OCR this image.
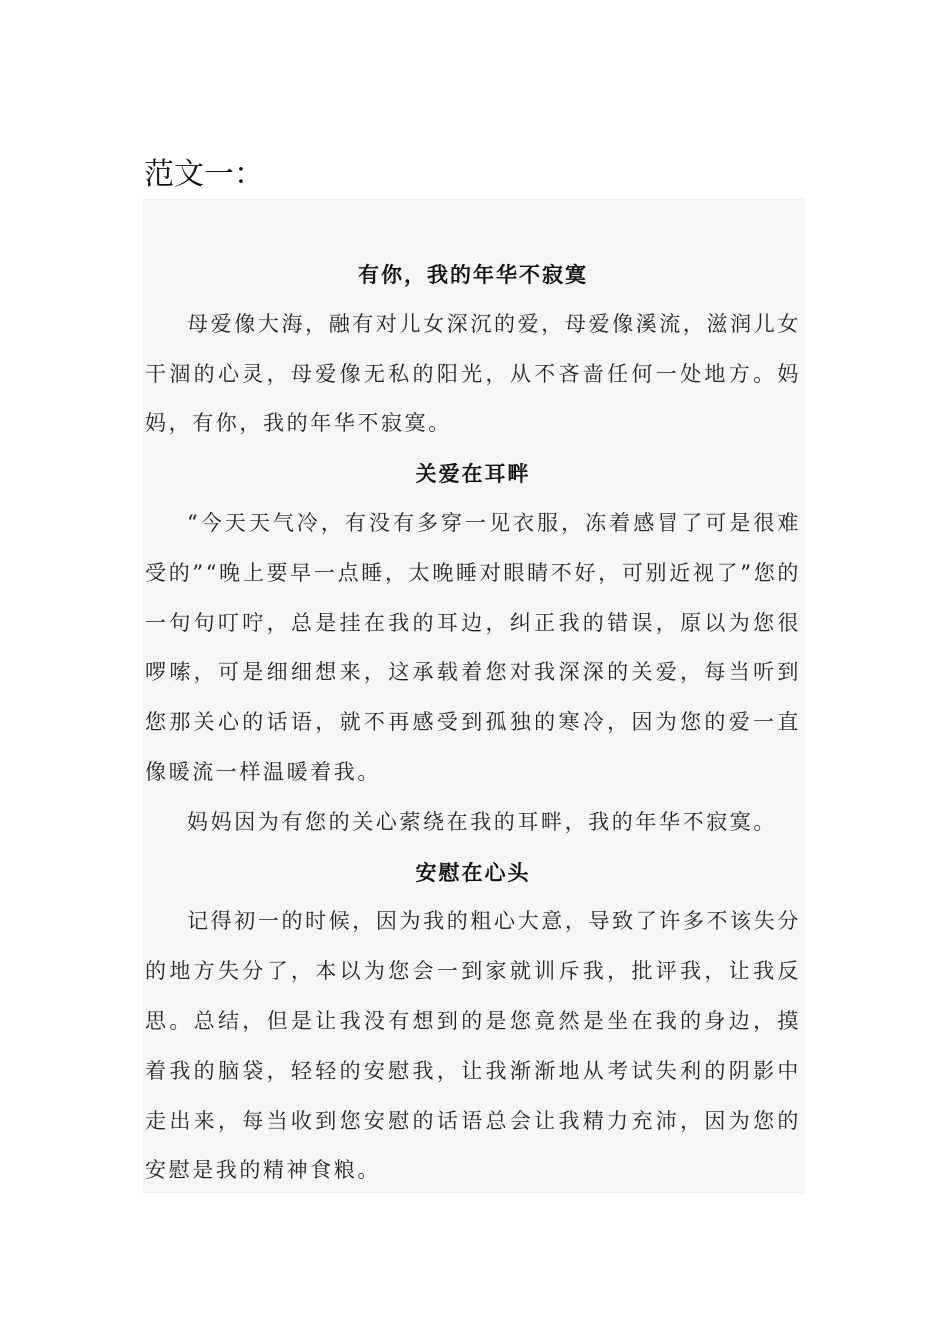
范文一：

有你，我的年华不寂寞

母爱像大海，融有对儿女深沉的爱，母爱像溪流，滋润儿女干涸的心灵，母爱像无私的阳光，从不吝啬任何一处地方。妈妈，有你，我的年华不寂寞。

关爱在耳畔

“今天天气冷，有没有多穿一见衣服，冻着感冒了可是很难受的”“晚上要早一点睡，太晚睡对眼睛不好，可别近视了”您的一句句叮咛，总是挂在我的耳边，纠正我的错误，原以为您很啰嗦，可是细细想来，这承载着您对我深深的关爱，每当听到您那关心的话语，就不再感受到孤独的寒冷，因为您的爱一直像暖流一样温暖着我。

妈妈因为有您的关心萦绕在我的耳畔，我的年华不寂寞。

安慰在心头

记得初一的时候，因为我的粗心大意，导致了许多不该失分的地方失分了，本以为您会一到家就训斥我，批评我，让我反思。总结，但是让我没有想到的是您竟然是坐在我的身边，摸着我的脑袋，轻轻的安慰我，让我渐渐地从考试失利的阴影中走出来，每当收到您安慰的话语总会让我精力充沛，因为您的安慰是我的精神食粮。
